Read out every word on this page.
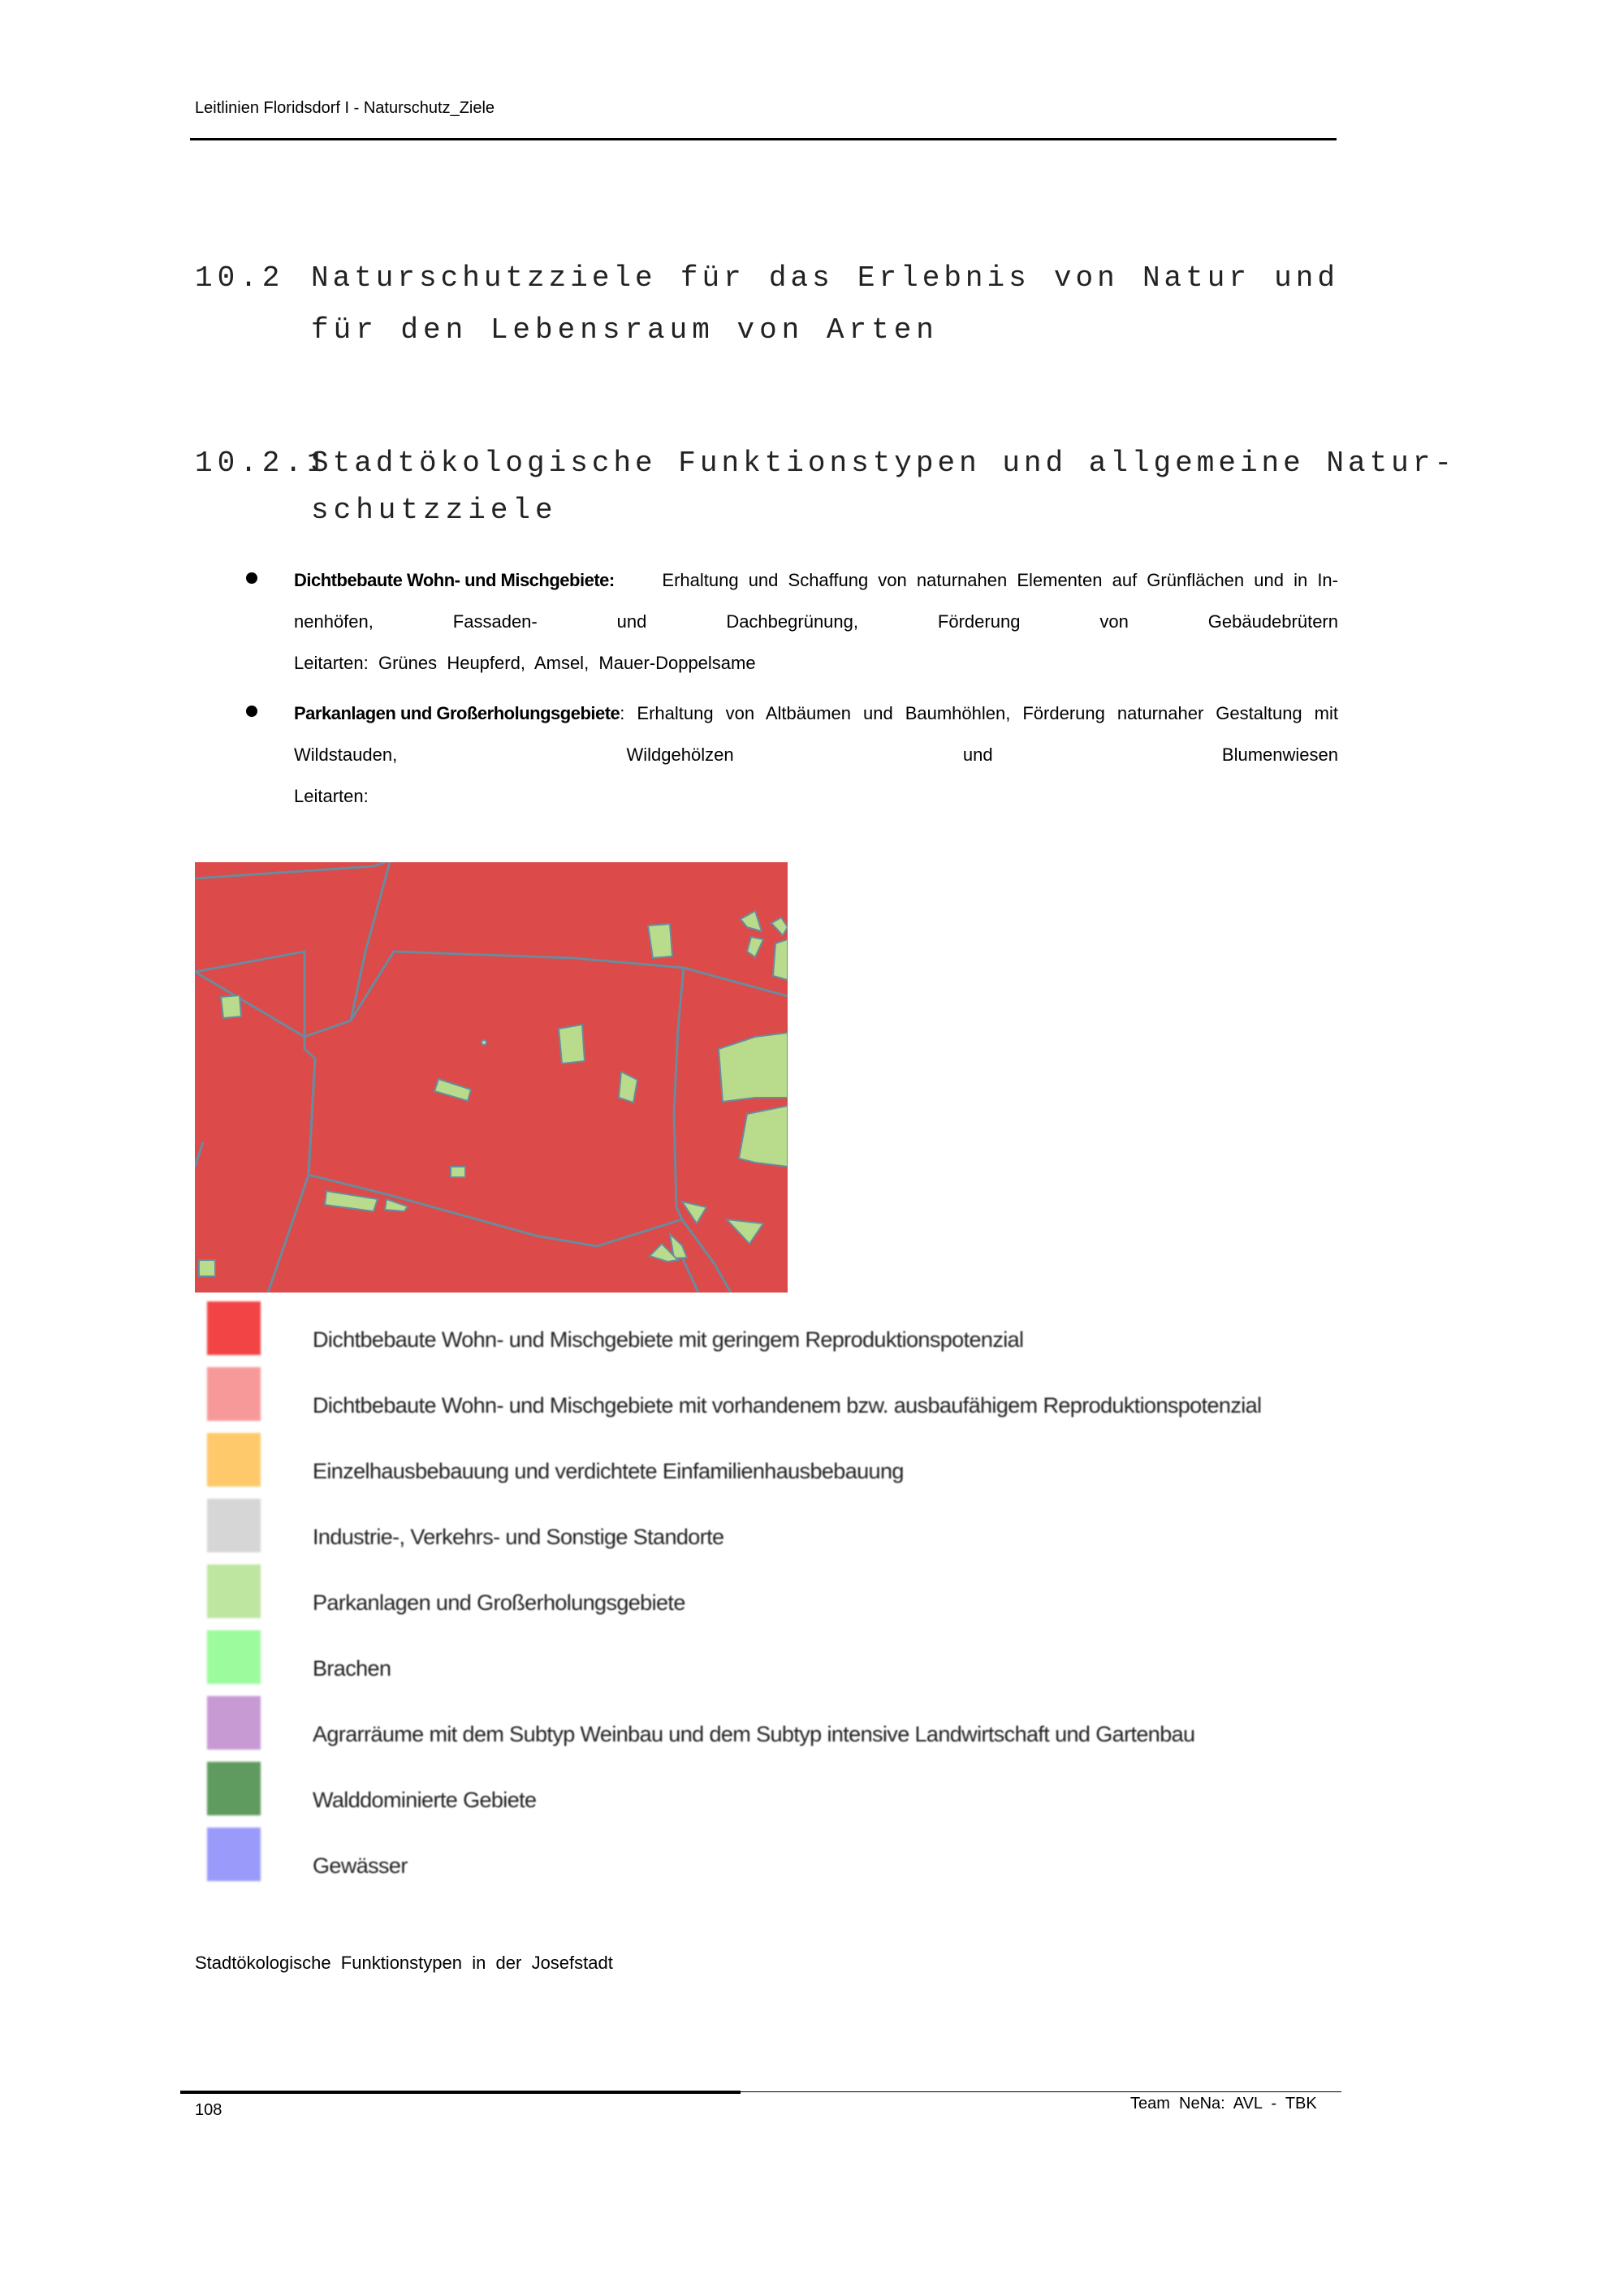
Leitlinien Floridsdorf I - Naturschutz_Ziele
10.2 Naturschutzziele für das Erlebnis von Natur und
für den Lebensraum von Arten
10.2.1
Stadtökologische Funktionstypen und allgemeine Natur-
schutzziele
Dichtbebaute Wohn- und Mischgebiete:	Erhaltung und Schaffung von naturnahen Elementen auf Grünflächen und in In-
nenhöfen,	Fassaden-	und	Dachbegrünung,	Förderung	von	Gebäudebrütern
Leitarten:  Grünes  Heupferd,  Amsel,  Mauer-Doppelsame
Parkanlagen und Großerholungsgebiete :  Erhaltung  von  Altbäumen  und  Baumhöhlen,  Förderung  naturnaher  Gestaltung  mit
Wildstauden,	Wildgehölzen	und	Blumenwiesen
Leitarten:
Dichtbebaute Wohn- und Mischgebiete mit geringem Reproduktionspotenzial
Dichtbebaute Wohn- und Mischgebiete mit vorhandenem bzw. ausbaufähigem Reproduktionspotenzial
Einzelhausbebauung und verdichtete Einfamilienhausbebauung
Industrie-, Verkehrs- und Sonstige Standorte
Parkanlagen und Großerholungsgebiete
Brachen
Agrarräume mit dem Subtyp Weinbau und dem Subtyp intensive Landwirtschaft und Gartenbau
Walddominierte Gebiete
Gewässer
Stadtökologische  Funktionstypen  in  der  Josefstadt
108	Team  NeNa:  AVL  -  TBK
